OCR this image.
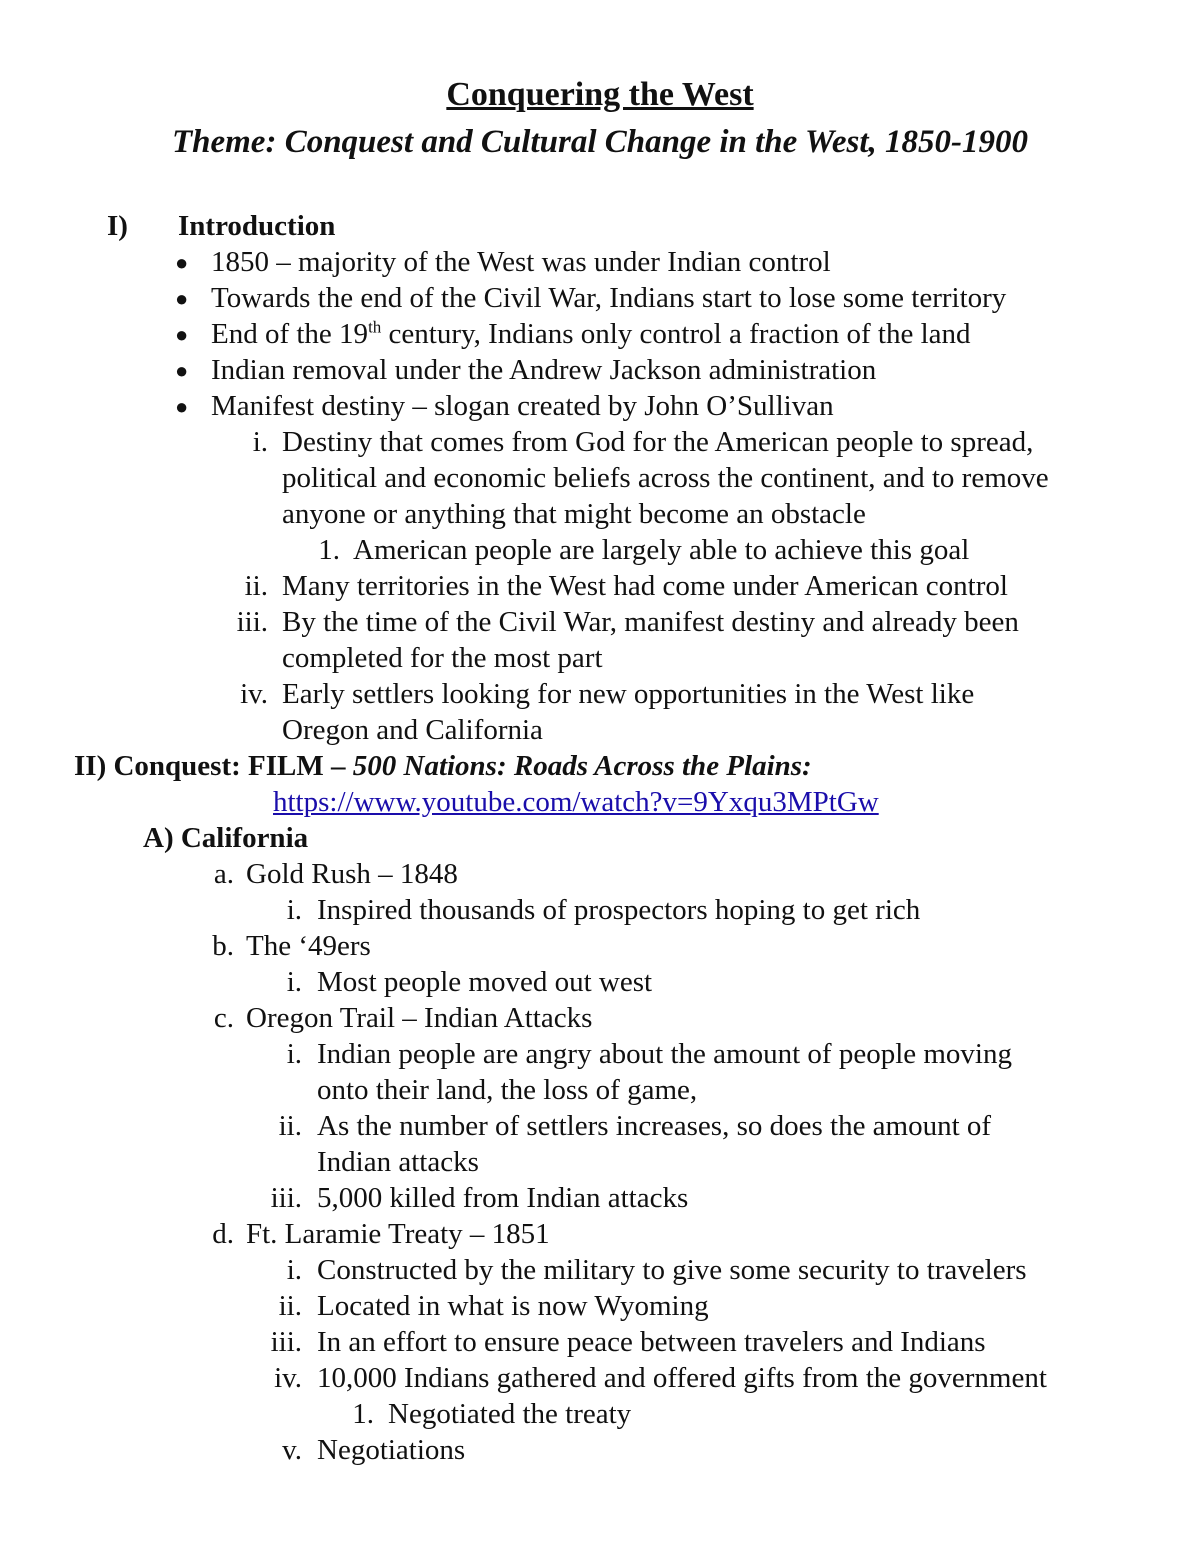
Conquering the West
Theme: Conquest and Cultural Change in the West, 1850-1900
I) Introduction
● 1850 – majority of the West was under Indian control
● Towards the end of the Civil War, Indians start to lose some territory
● End of the 19th century, Indians only control a fraction of the land
● Indian removal under the Andrew Jackson administration
● Manifest destiny – slogan created by John O’Sullivan
i. Destiny that comes from God for the American people to spread,
political and economic beliefs across the continent, and to remove
anyone or anything that might become an obstacle
1. American people are largely able to achieve this goal
ii. Many territories in the West had come under American control
iii. By the time of the Civil War, manifest destiny and already been
completed for the most part
iv. Early settlers looking for new opportunities in the West like
Oregon and California
II) Conquest: FILM – 500 Nations: Roads Across the Plains:
https://www.youtube.com/watch?v=9Yxqu3MPtGw
A) California
a. Gold Rush – 1848
i. Inspired thousands of prospectors hoping to get rich
b. The ‘49ers
i. Most people moved out west
c. Oregon Trail – Indian Attacks
i. Indian people are angry about the amount of people moving
onto their land, the loss of game,
ii. As the number of settlers increases, so does the amount of
Indian attacks
iii. 5,000 killed from Indian attacks
d. Ft. Laramie Treaty – 1851
i. Constructed by the military to give some security to travelers
ii. Located in what is now Wyoming
iii. In an effort to ensure peace between travelers and Indians
iv. 10,000 Indians gathered and offered gifts from the government
1. Negotiated the treaty
v. Negotiations
